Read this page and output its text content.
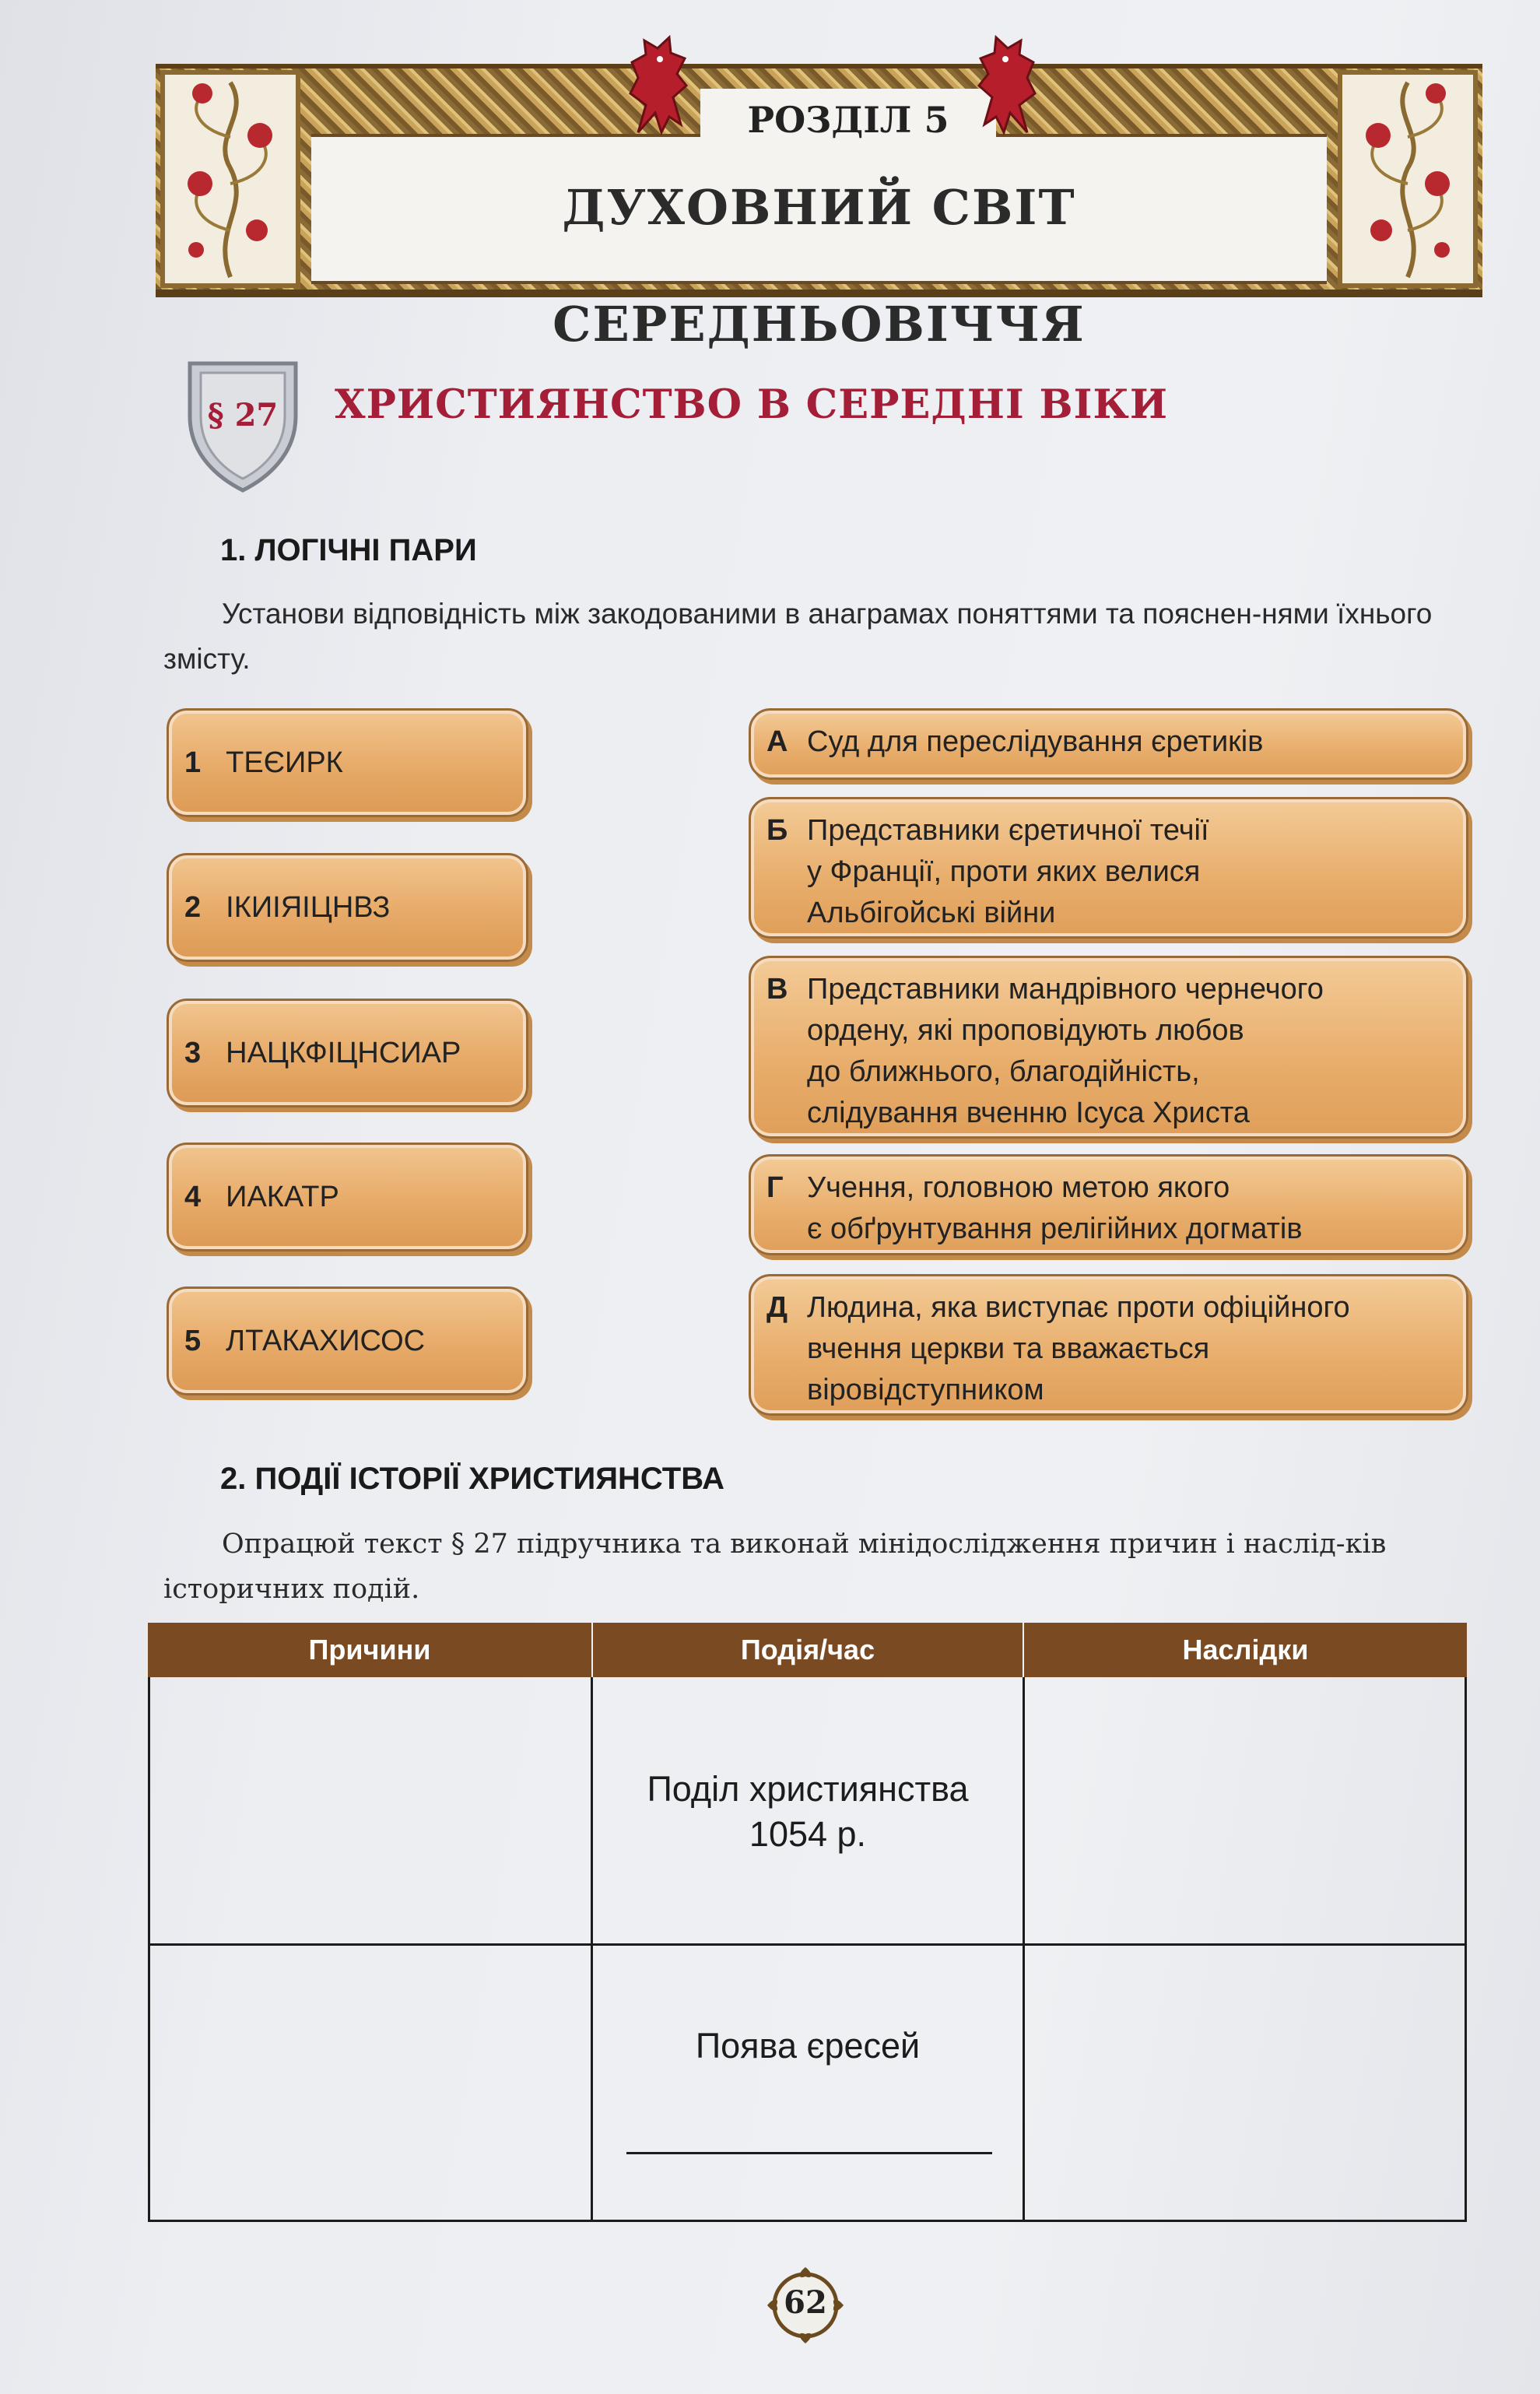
РОЗДІЛ 5
ДУХОВНИЙ СВІТ СЕРЕДНЬОВІЧЧЯ
§ 27 ХРИСТИЯНСТВО В СЕРЕДНІ ВІКИ
1. ЛОГІЧНІ ПАРИ
Установи відповідність між закодованими в анаграмах поняттями та пояснен-нями їхнього змісту.
1 ТЕЄИРК
2 ІКИІЯІЦНВЗ
3 НАЦКФІЦНСИАР
4 ИАКАТР
5 ЛТАКАХИСОС
А Суд для переслідування єретиків
Б Представники єретичної течії
у Франції, проти яких велися
Альбігойські війни
В Представники мандрівного чернечого
ордену, які проповідують любов
до ближнього, благодійність,
слідування вченню Ісуса Христа
Г Учення, головною метою якого
є обґрунтування релігійних догматів
Д Людина, яка виступає проти офіційного
вчення церкви та вважається
віровідступником
2. ПОДІЇ ІСТОРІЇ ХРИСТИЯНСТВА
Опрацюй текст § 27 підручника та виконай мінідослідження причин і наслід-ків історичних подій.
Причини	Подія/час	Наслідки
Поділ християнства
1054 р.
Поява єресей
62
